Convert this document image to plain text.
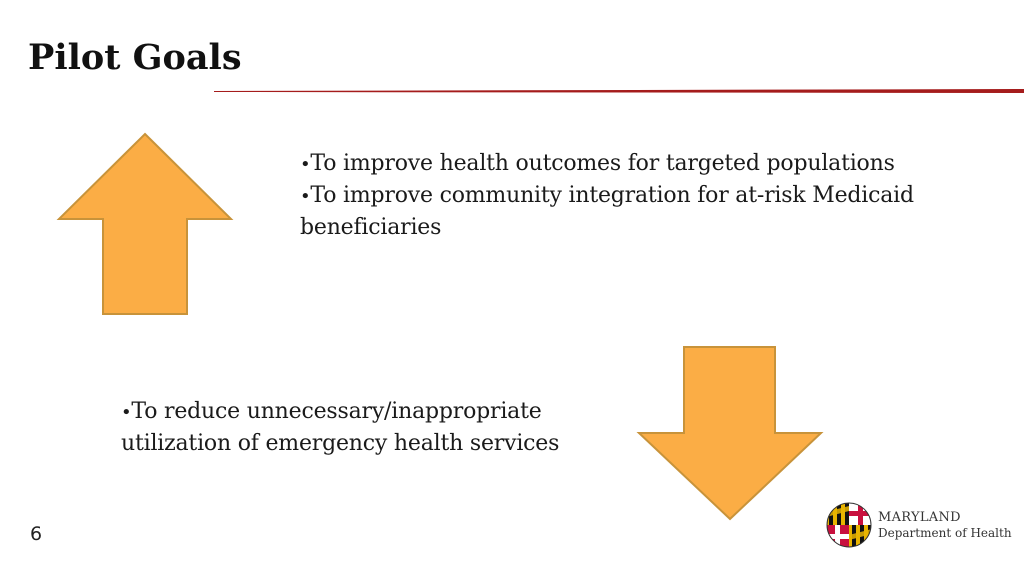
Pilot Goals
•To improve health outcomes for targeted populations
•To improve community integration for at-risk Medicaid beneficiaries
•To reduce unnecessary/inappropriate utilization of emergency health services
6
MARYLAND
Department of Health
